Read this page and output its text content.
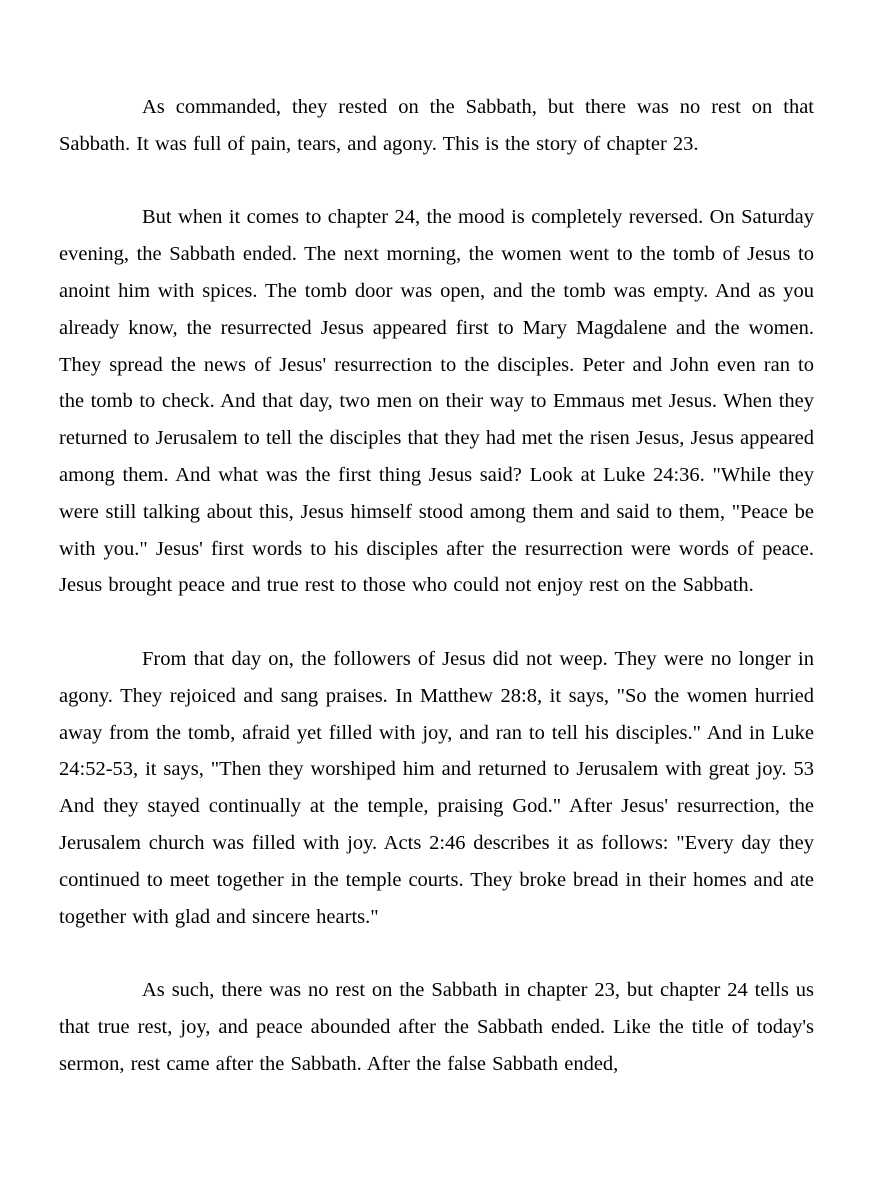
As commanded, they rested on the Sabbath, but there was no rest on that Sabbath. It was full of pain, tears, and agony. This is the story of chapter 23.

But when it comes to chapter 24, the mood is completely reversed. On Saturday evening, the Sabbath ended. The next morning, the women went to the tomb of Jesus to anoint him with spices. The tomb door was open, and the tomb was empty. And as you already know, the resurrected Jesus appeared first to Mary Magdalene and the women. They spread the news of Jesus' resurrection to the disciples. Peter and John even ran to the tomb to check. And that day, two men on their way to Emmaus met Jesus. When they returned to Jerusalem to tell the disciples that they had met the risen Jesus, Jesus appeared among them. And what was the first thing Jesus said? Look at Luke 24:36. "While they were still talking about this, Jesus himself stood among them and said to them, "Peace be with you." Jesus' first words to his disciples after the resurrection were words of peace. Jesus brought peace and true rest to those who could not enjoy rest on the Sabbath.

From that day on, the followers of Jesus did not weep. They were no longer in agony. They rejoiced and sang praises. In Matthew 28:8, it says, "So the women hurried away from the tomb, afraid yet filled with joy, and ran to tell his disciples." And in Luke 24:52-53, it says, "Then they worshiped him and returned to Jerusalem with great joy. 53 And they stayed continually at the temple, praising God." After Jesus' resurrection, the Jerusalem church was filled with joy. Acts 2:46 describes it as follows: "Every day they continued to meet together in the temple courts. They broke bread in their homes and ate together with glad and sincere hearts."

As such, there was no rest on the Sabbath in chapter 23, but chapter 24 tells us that true rest, joy, and peace abounded after the Sabbath ended. Like the title of today's sermon, rest came after the Sabbath. After the false Sabbath ended,
